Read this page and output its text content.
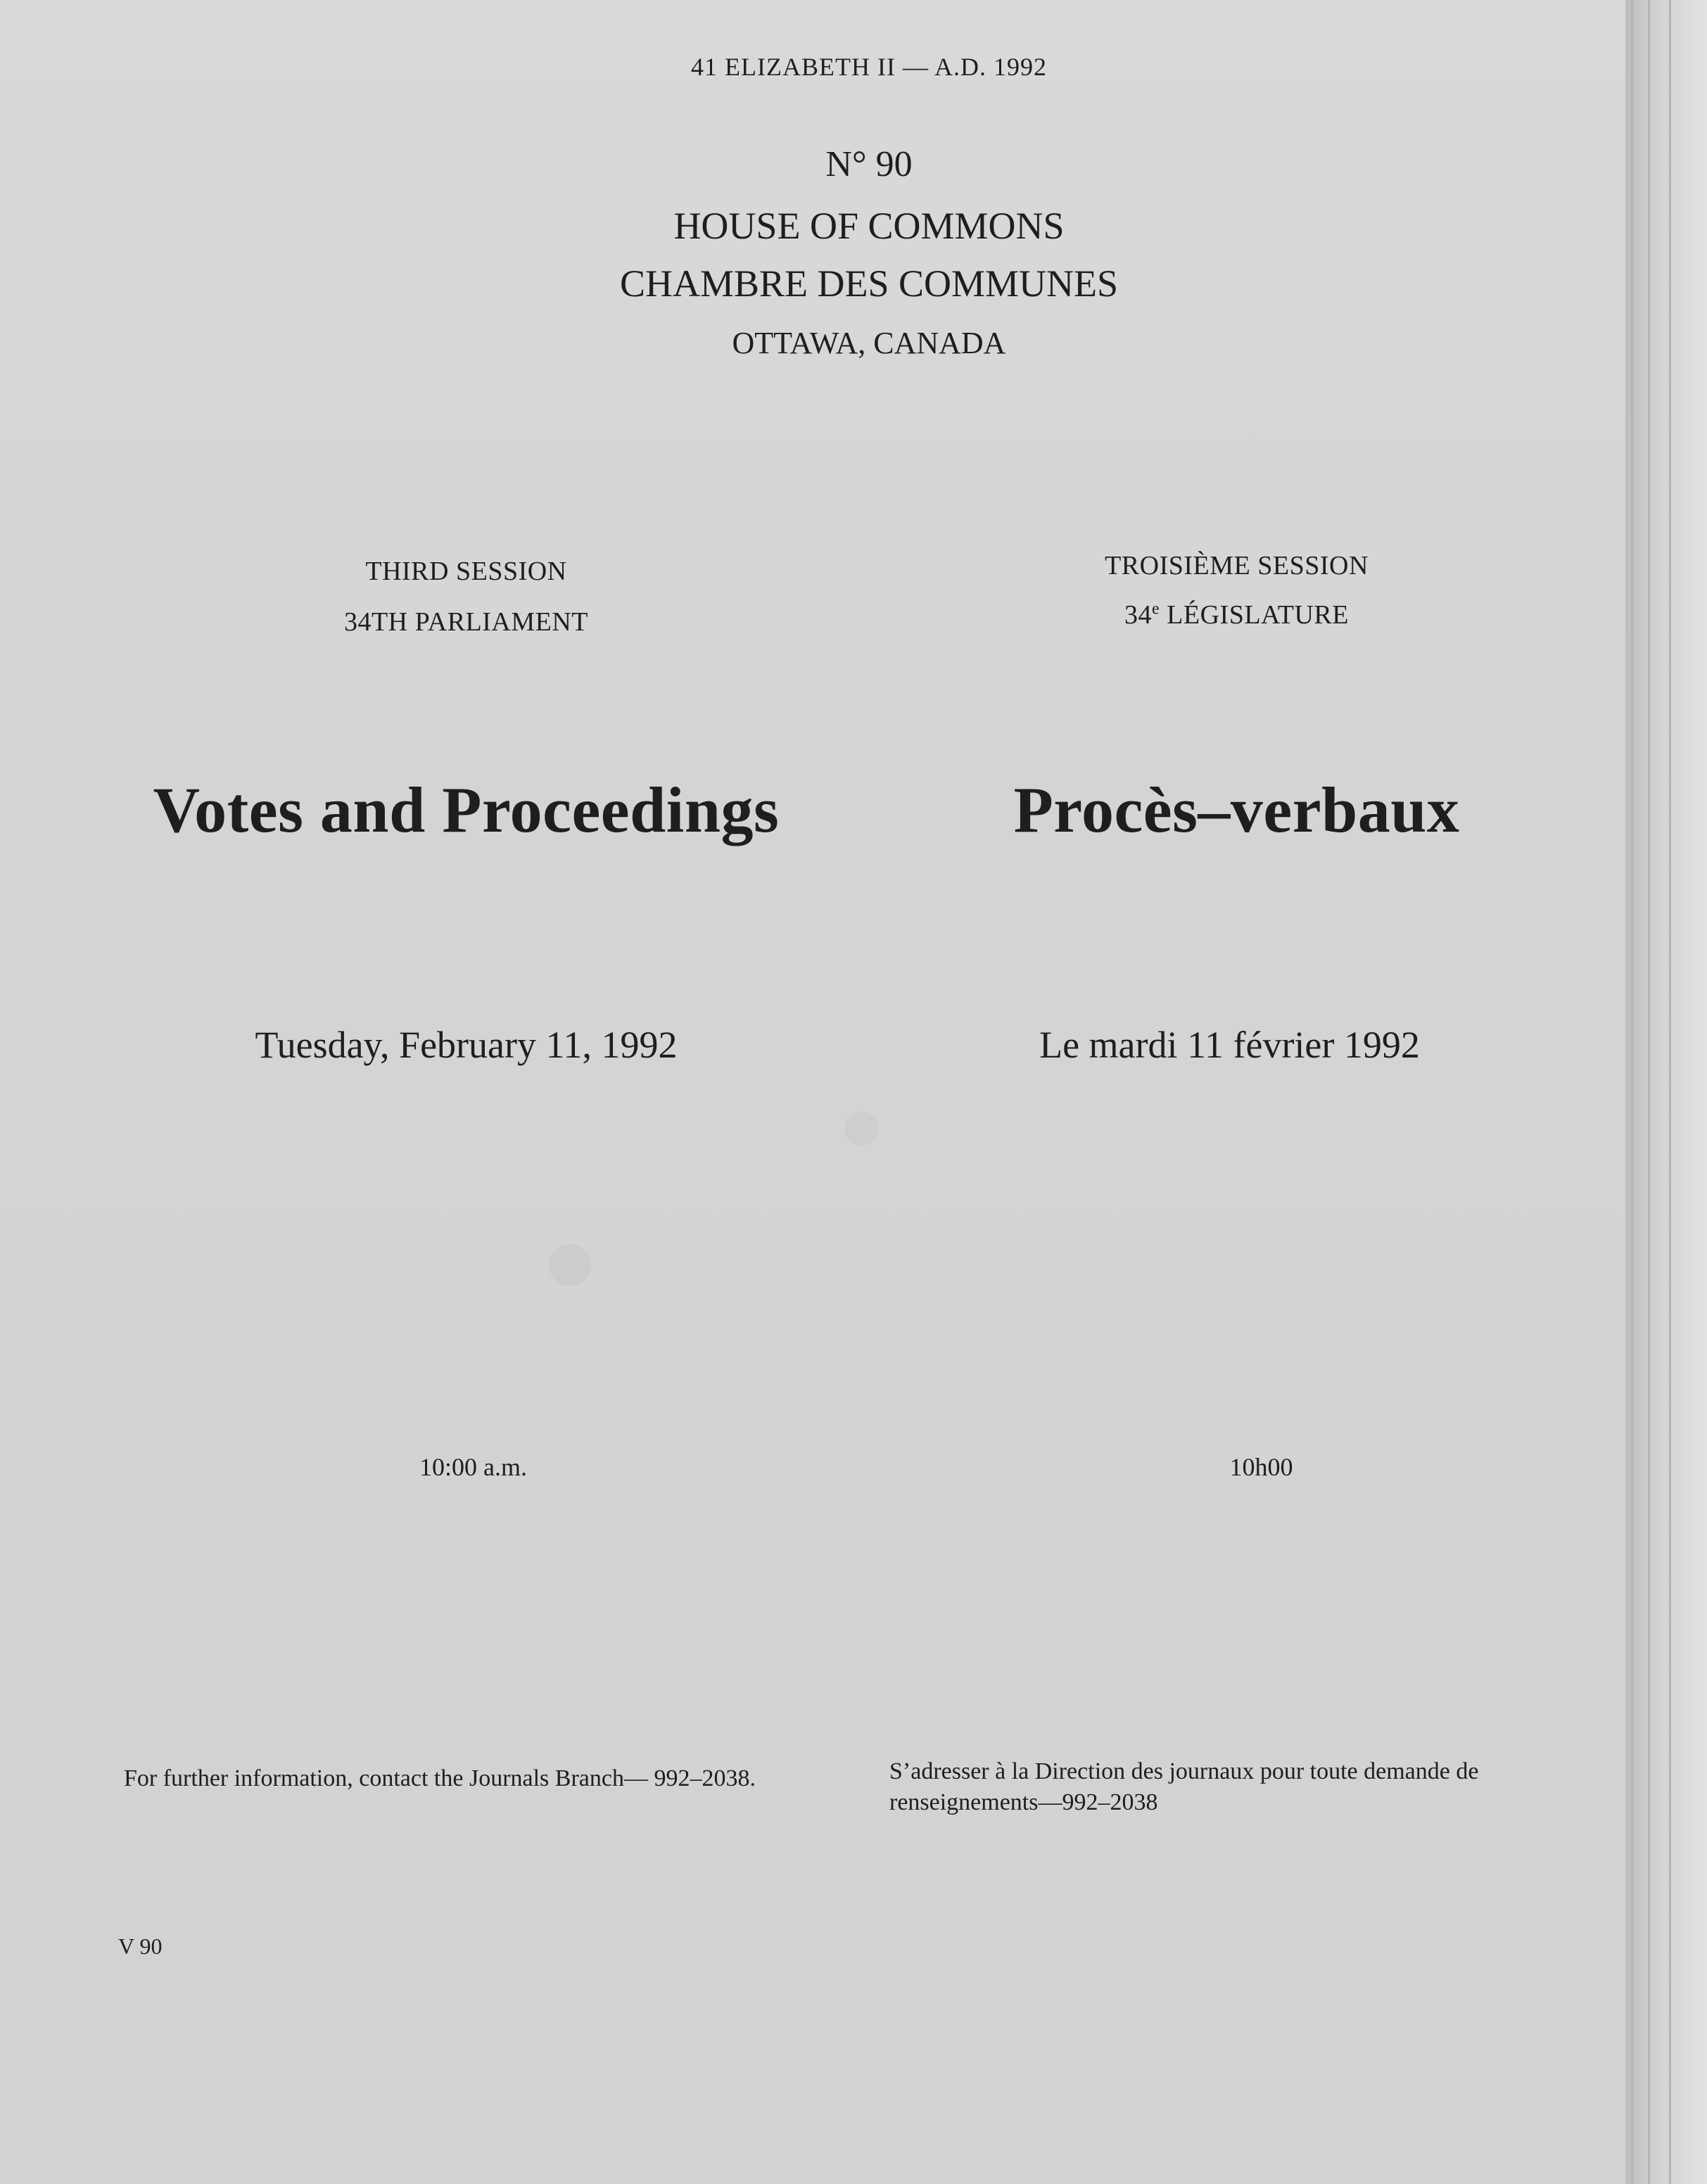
41 ELIZABETH II — A.D. 1992
N° 90
HOUSE OF COMMONS
CHAMBRE DES COMMUNES
OTTAWA, CANADA
THIRD SESSION
34TH PARLIAMENT
TROISIÈME SESSION
34e LÉGISLATURE
Votes and Proceedings	Procès–verbaux
Tuesday, February 11, 1992	Le mardi 11 février 1992
10:00 a.m.	10h00
For further information, contact the Journals Branch— 992–2038.	S’adresser à la Direction des journaux pour toute demande de renseignements—992–2038
V 90
